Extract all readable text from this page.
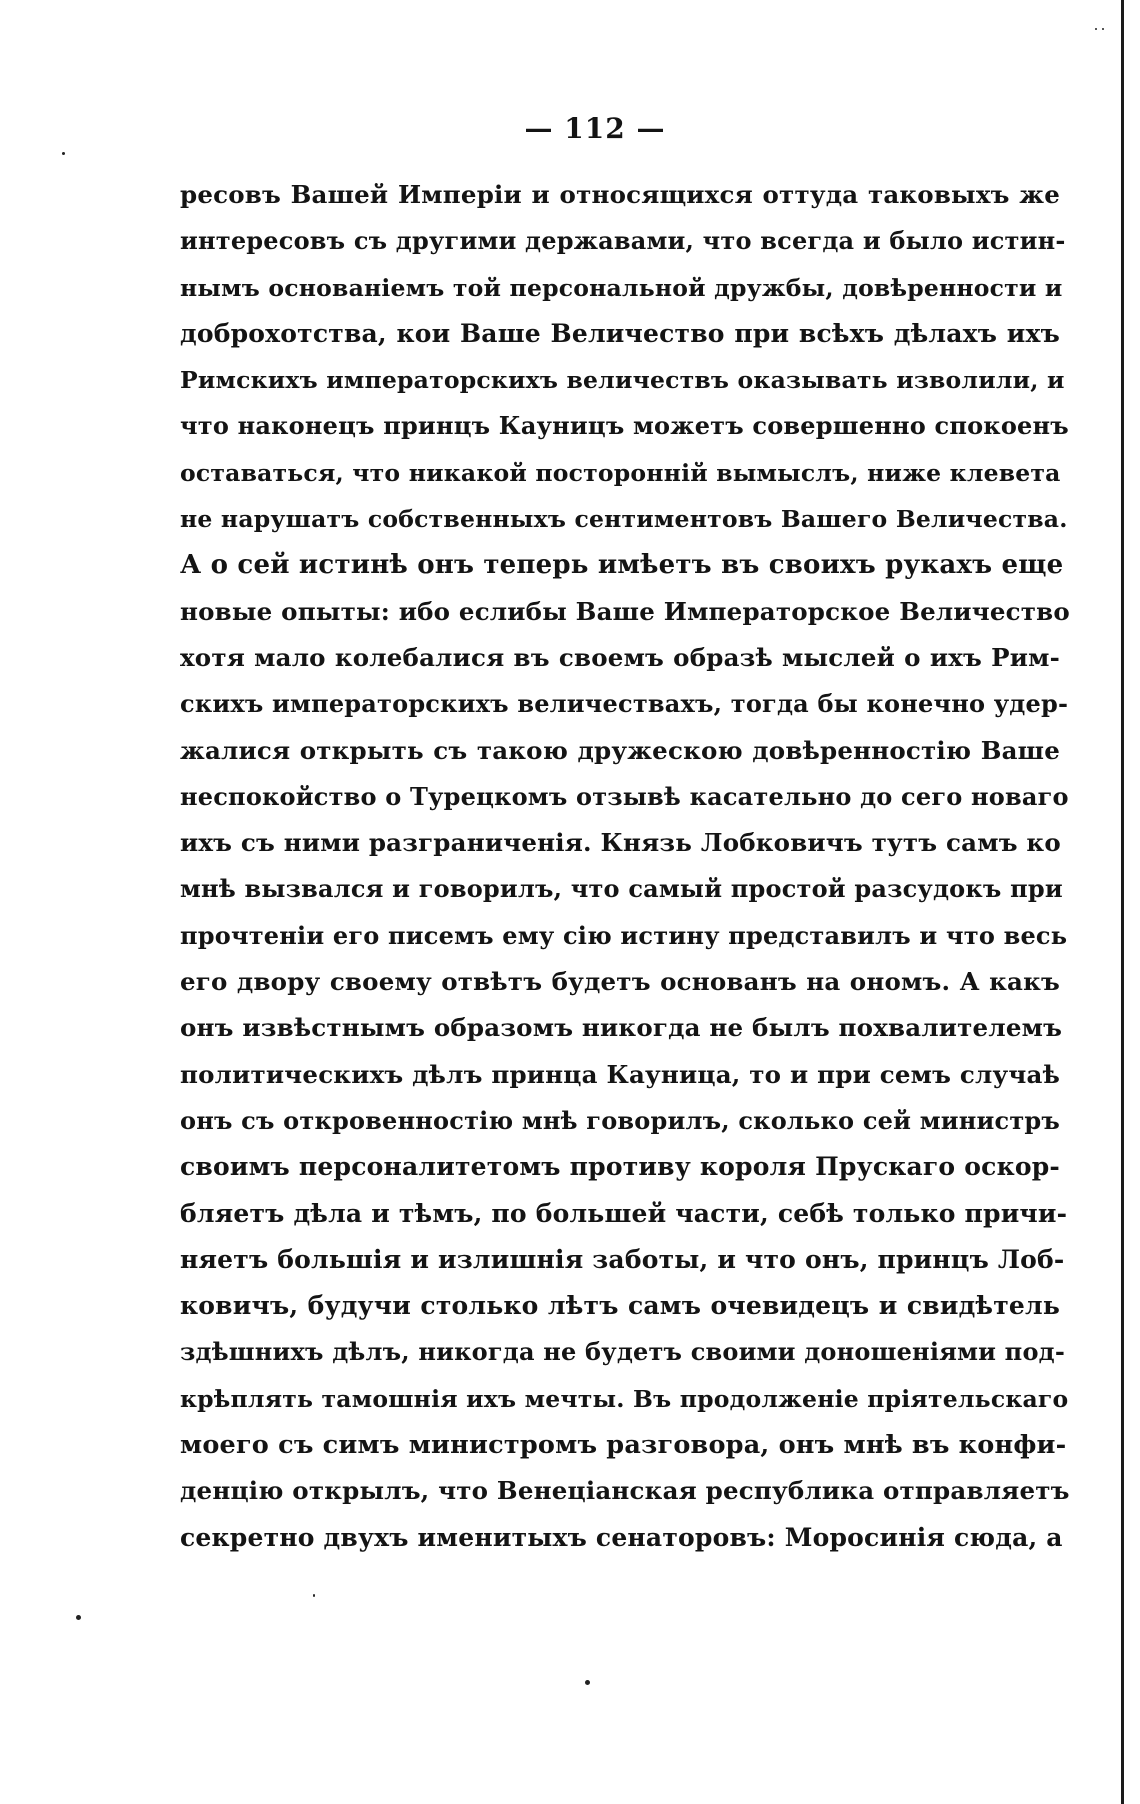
— 112 —
ресовъ Вашей Имперіи и относящихся оттуда таковыхъ же
интересовъ съ другими державами, что всегда и было истин-
нымъ основаніемъ той персональной дружбы, довѣренности и
доброхотства, кои Ваше Величество при всѣхъ дѣлахъ ихъ
Римскихъ императорскихъ величествъ оказывать изволили, и
что наконецъ принцъ Кауницъ можетъ совершенно спокоенъ
оставаться, что никакой посторонній вымыслъ, ниже клевета
не нарушатъ собственныхъ сентиментовъ Вашего Величества.
А о сей истинѣ онъ теперь имѣетъ въ своихъ рукахъ еще
новые опыты: ибо еслибы Ваше Императорское Величество
хотя мало колебалися въ своемъ образѣ мыслей о ихъ Рим-
скихъ императорскихъ величествахъ, тогда бы конечно удер-
жалися открыть съ такою дружескою довѣренностію Ваше
неспокойство о Турецкомъ отзывѣ касательно до сего новаго
ихъ съ ними разграниченія. Князь Лобковичъ тутъ самъ ко
мнѣ вызвался и говорилъ, что самый простой разсудокъ при
прочтеніи его писемъ ему сію истину представилъ и что весь
его двору своему отвѣтъ будетъ основанъ на ономъ. А какъ
онъ извѣстнымъ образомъ никогда не былъ похвалителемъ
политическихъ дѣлъ принца Кауница, то и при семъ случаѣ
онъ съ откровенностію мнѣ говорилъ, сколько сей министръ
своимъ персоналитетомъ противу короля Прускаго оскор-
бляетъ дѣла и тѣмъ, по большей части, себѣ только причи-
няетъ большія и излишнія заботы, и что онъ, принцъ Лоб-
ковичъ, будучи столько лѣтъ самъ очевидецъ и свидѣтель
здѣшнихъ дѣлъ, никогда не будетъ своими доношеніями под-
крѣплять тамошнія ихъ мечты. Въ продолженіе пріятельскаго
моего съ симъ министромъ разговора, онъ мнѣ въ конфи-
денцію открылъ, что Венеціанская республика отправляетъ
секретно двухъ именитыхъ сенаторовъ: Моросинія сюда, а
